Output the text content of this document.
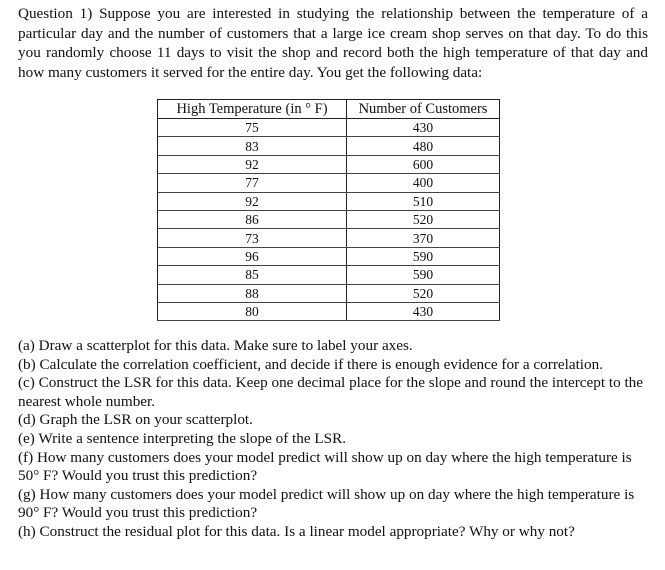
Question 1) Suppose you are interested in studying the relationship between the temperature of a particular day and the number of customers that a large ice cream shop serves on that day. To do this you randomly choose 11 days to visit the shop and record both the high temperature of that day and how many customers it served for the entire day. You get the following data:

High Temperature (in ° F)	Number of Customers
75	430
83	480
92	600
77	400
92	510
86	520
73	370
96	590
85	590
88	520
80	430

(a) Draw a scatterplot for this data. Make sure to label your axes.

(b) Calculate the correlation coefficient, and decide if there is enough evidence for a correlation.

(c) Construct the LSR for this data. Keep one decimal place for the slope and round the intercept to the nearest whole number.

(d) Graph the LSR on your scatterplot.

(e) Write a sentence interpreting the slope of the LSR.

(f) How many customers does your model predict will show up on day where the high temperature is 50° F? Would you trust this prediction?

(g) How many customers does your model predict will show up on day where the high temperature is 90° F? Would you trust this prediction?

(h) Construct the residual plot for this data. Is a linear model appropriate? Why or why not?
